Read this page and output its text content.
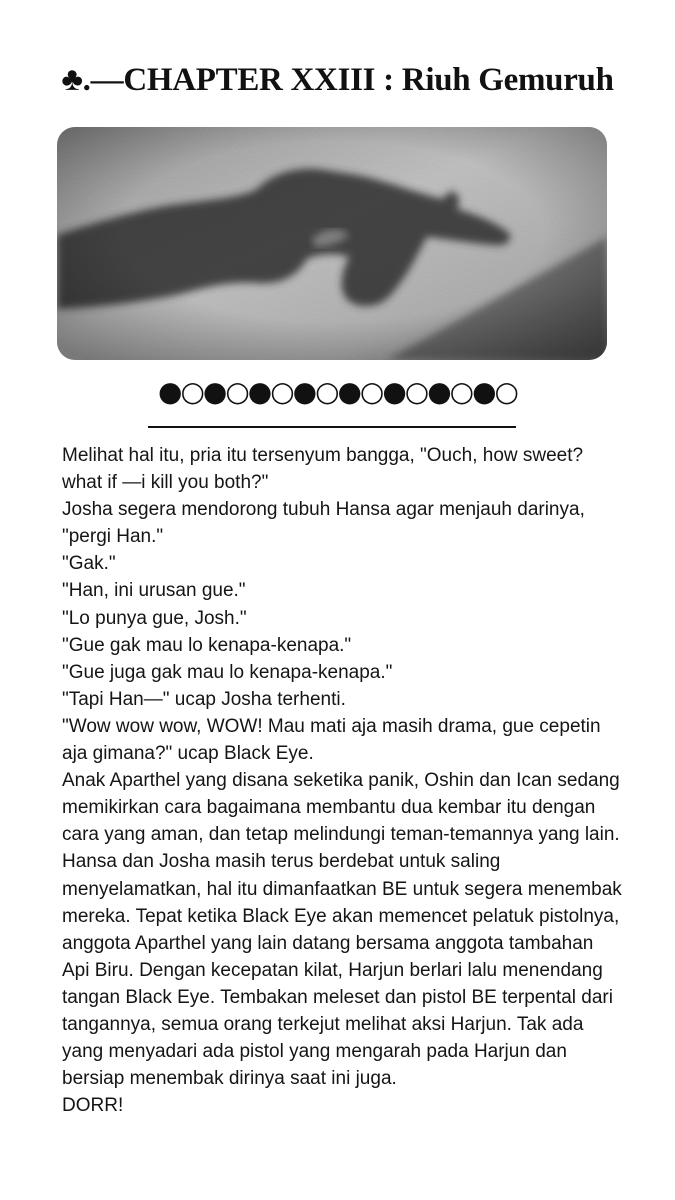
♣.—CHAPTER XXIII : Riuh Gemuruh
●○●○●○●○●○●○●○●○

Melihat hal itu, pria itu tersenyum bangga, "Ouch, how sweet? what if —i kill you both?"

Josha segera mendorong tubuh Hansa agar menjauh darinya, "pergi Han."

"Gak."

"Han, ini urusan gue."

"Lo punya gue, Josh."

"Gue gak mau lo kenapa-kenapa."

"Gue juga gak mau lo kenapa-kenapa."

"Tapi Han—" ucap Josha terhenti.

"Wow wow wow, WOW! Mau mati aja masih drama, gue cepetin aja gimana?" ucap Black Eye.

Anak Aparthel yang disana seketika panik, Oshin dan Ican sedang memikirkan cara bagaimana membantu dua kembar itu dengan cara yang aman, dan tetap melindungi teman-temannya yang lain. Hansa dan Josha masih terus berdebat untuk saling menyelamatkan, hal itu dimanfaatkan BE untuk segera menembak mereka. Tepat ketika Black Eye akan memencet pelatuk pistolnya, anggota Aparthel yang lain datang bersama anggota tambahan Api Biru. Dengan kecepatan kilat, Harjun berlari lalu menendang tangan Black Eye. Tembakan meleset dan pistol BE terpental dari tangannya, semua orang terkejut melihat aksi Harjun. Tak ada yang menyadari ada pistol yang mengarah pada Harjun dan bersiap menembak dirinya saat ini juga.

DORR!
